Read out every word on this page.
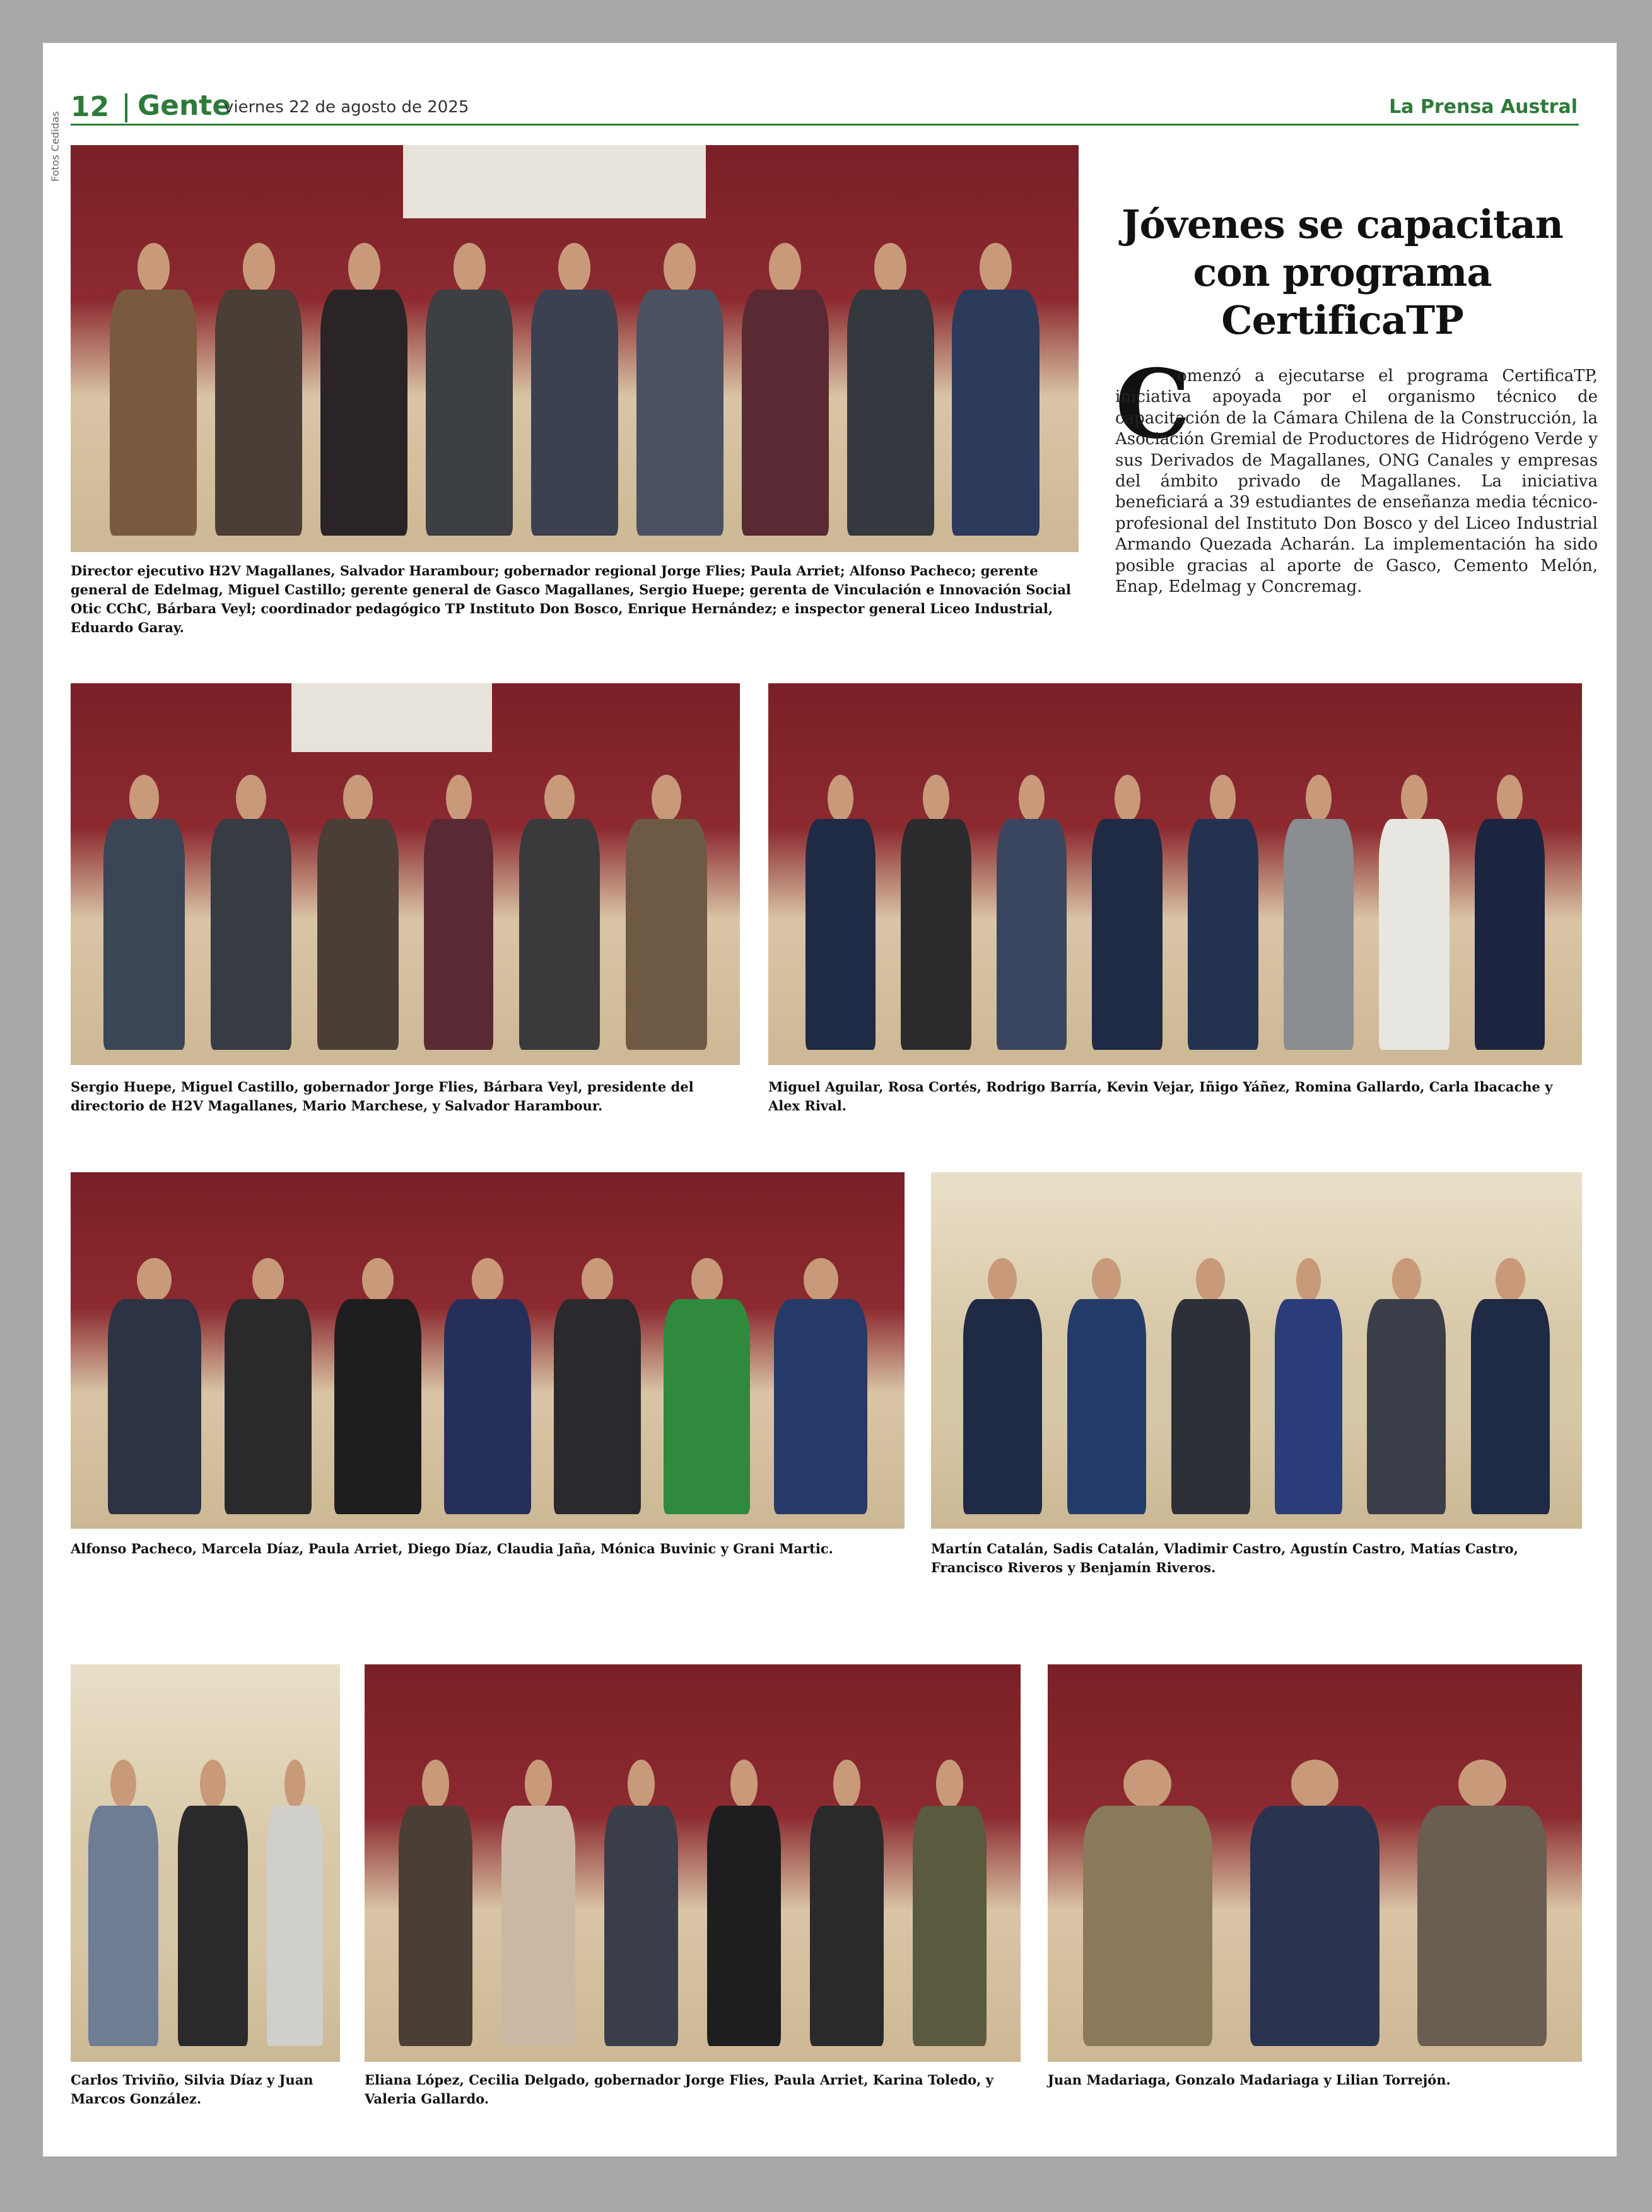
12 Gente
viernes 22 de agosto de 2025	La Prensa Austral
Fotos Cedidas

Director ejecutivo H2V Magallanes, Salvador Harambour; gobernador regional Jorge Flies; Paula Arriet; Alfonso Pacheco; gerente general de Edelmag, Miguel Castillo; gerente general de Gasco Magallanes, Sergio Huepe; gerenta de Vinculación e Innovación Social Otic CChC, Bárbara Veyl; coordinador pedagógico TP Instituto Don Bosco, Enrique Hernández; e inspector general Liceo Industrial, Eduardo Garay.

Jóvenes se capacitan con programa CertificaTP
C

omenzó a ejecutarse el programa CertificaTP, iniciativa apoyada por el organismo técnico de capacitación de la Cámara Chilena de la Construcción, la Asociación Gremial de Productores de Hidrógeno Verde y sus Derivados de Magallanes, ONG Canales y empresas del ámbito privado de Magallanes. La iniciativa beneficiará a 39 estudiantes de enseñanza media técnico-profesional del Instituto Don Bosco y del Liceo Industrial Armando Quezada Acharán. La implementación ha sido posible gracias al aporte de Gasco, Cemento Melón, Enap, Edelmag y Concremag.

Sergio Huepe, Miguel Castillo, gobernador Jorge Flies, Bárbara Veyl, presidente del directorio de H2V Magallanes, Mario Marchese, y Salvador Harambour.

Miguel Aguilar, Rosa Cortés, Rodrigo Barría, Kevin Vejar, Iñigo Yáñez, Romina Gallardo, Carla Ibacache y Alex Rival.

Alfonso Pacheco, Marcela Díaz, Paula Arriet, Diego Díaz, Claudia Jaña, Mónica Buvinic y Grani Martic.	Martín Catalán, Sadis Catalán, Vladimir Castro, Agustín Castro, Matías Castro, Francisco Riveros y Benjamín Riveros.

Carlos Triviño, Silvia Díaz y Juan Marcos González.

Eliana López, Cecilia Delgado, gobernador Jorge Flies, Paula Arriet, Karina Toledo, y Valeria Gallardo.

Juan Madariaga, Gonzalo Madariaga y Lilian Torrejón.
